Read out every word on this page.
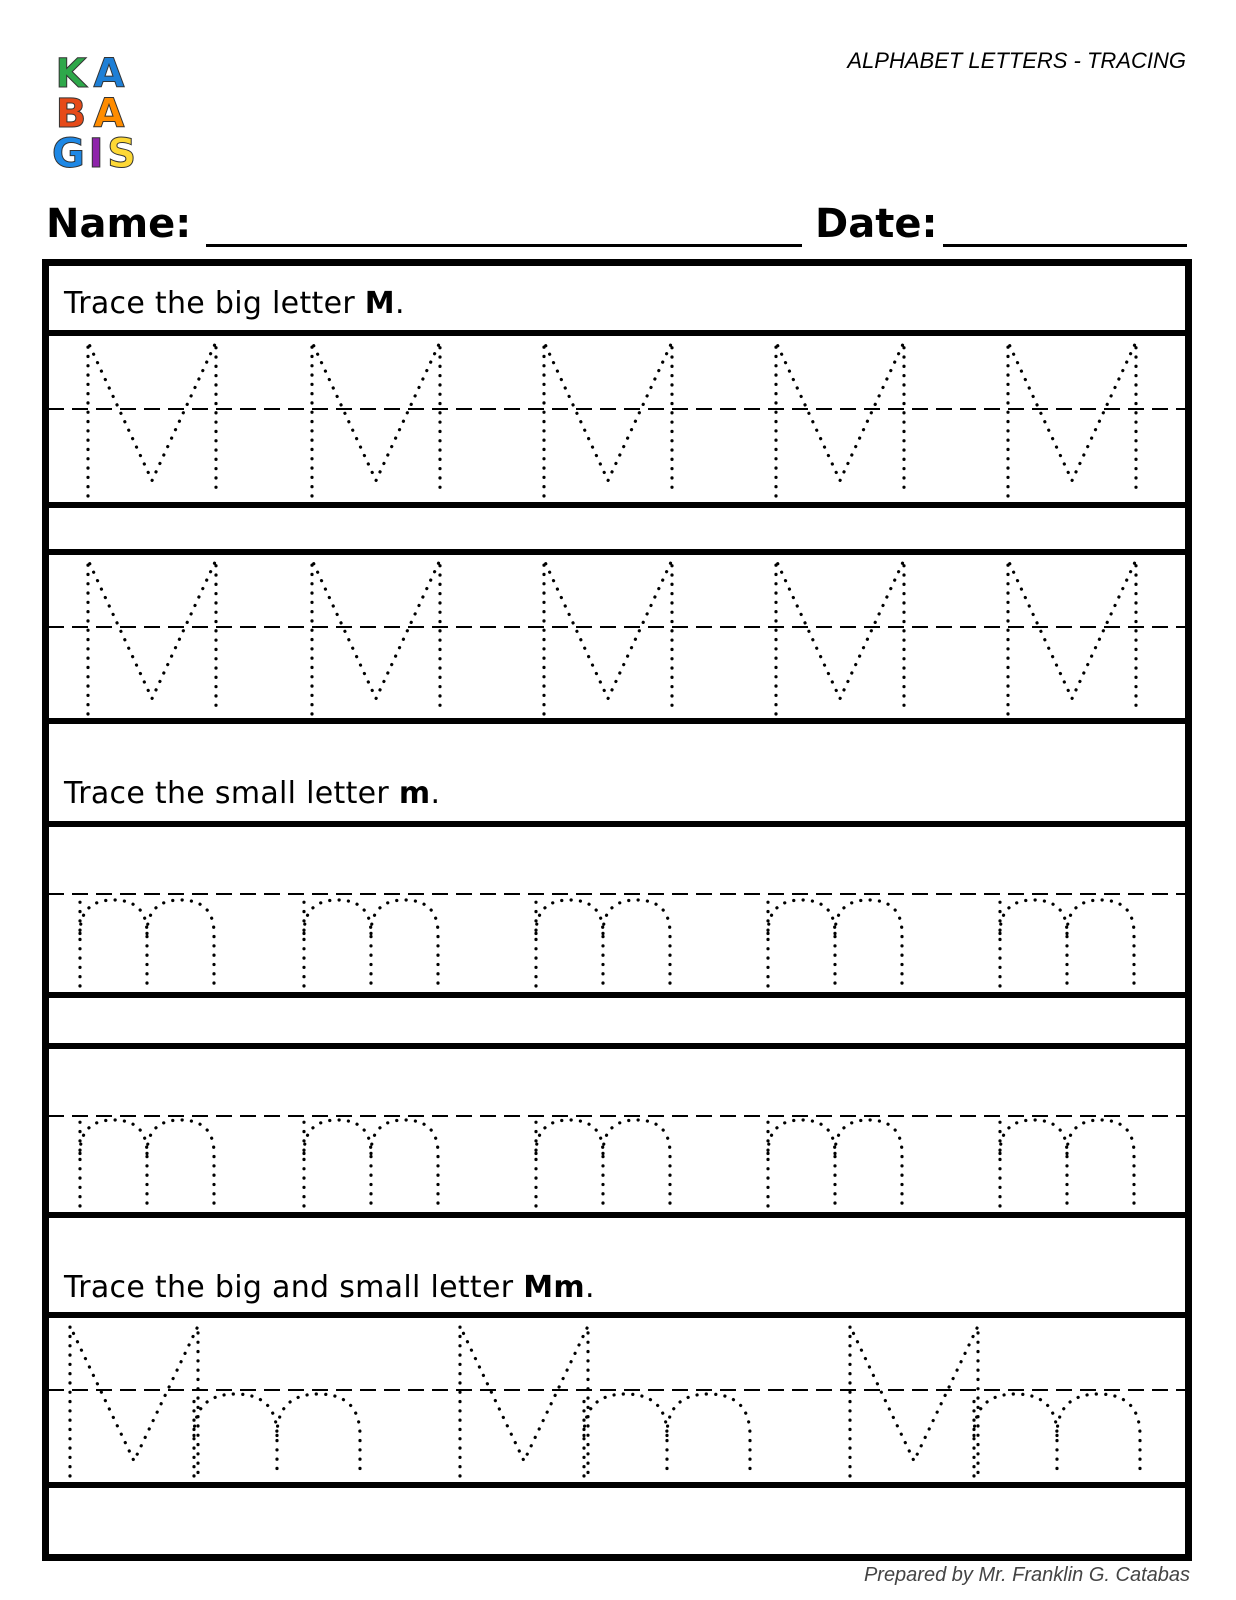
K A
B A
G I S
ALPHABET LETTERS - TRACING
Name:	Date:
Trace the big letter M.
Trace the small letter m.
Trace the big and small letter Mm.
Prepared by Mr. Franklin G. Catabas
